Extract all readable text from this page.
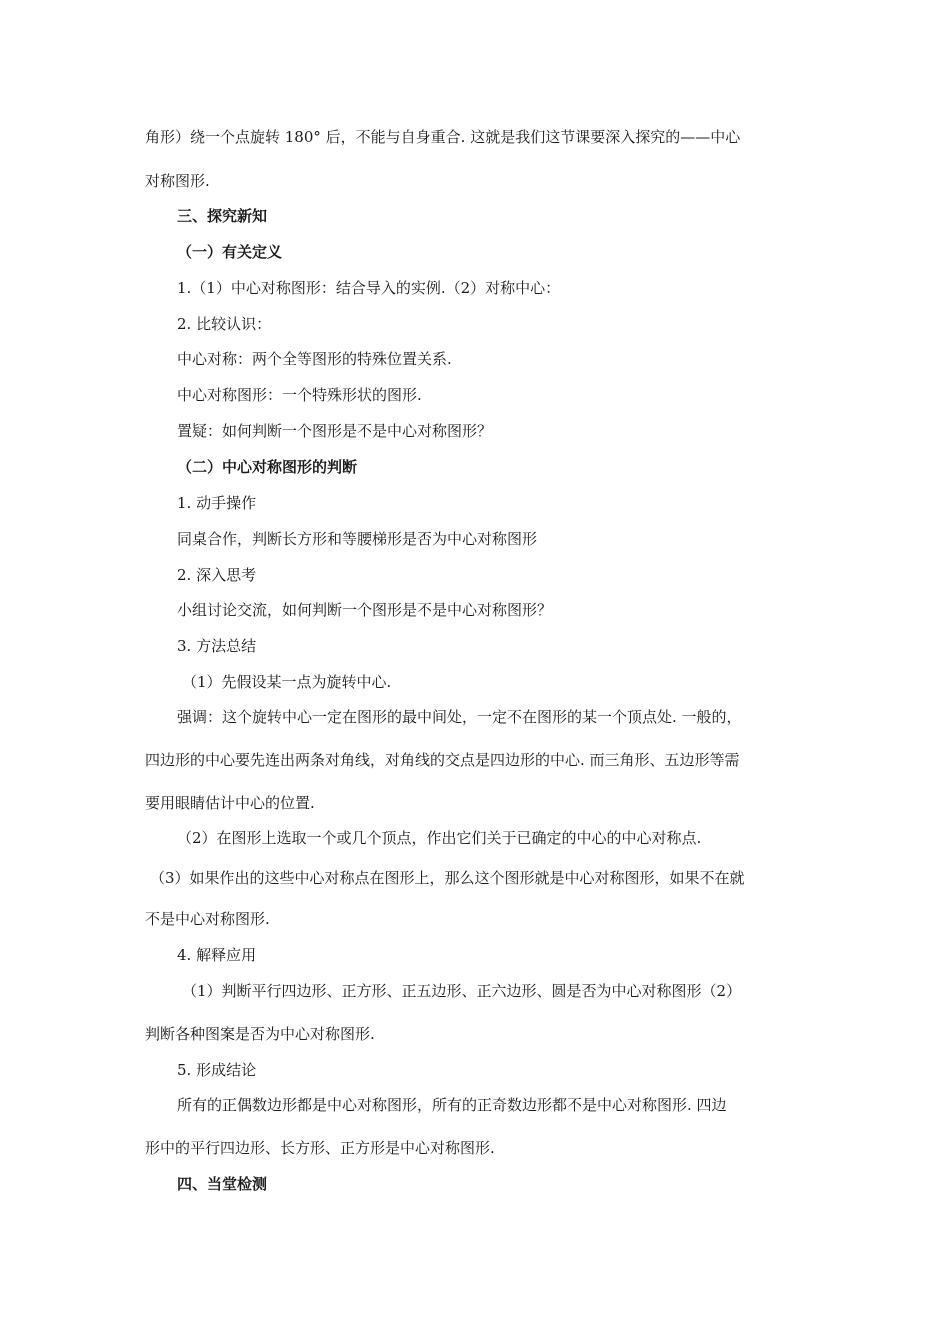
角形）绕一个点旋转 180° 后，不能与自身重合. 这就是我们这节课要深入探究的——中心
对称图形.
三、探究新知
（一）有关定义
1.（1）中心对称图形：结合导入的实例.（2）对称中心：
2. 比较认识：
中心对称：两个全等图形的特殊位置关系.
中心对称图形：一个特殊形状的图形.
置疑：如何判断一个图形是不是中心对称图形？
（二）中心对称图形的判断
1. 动手操作
同桌合作，判断长方形和等腰梯形是否为中心对称图形
2. 深入思考
小组讨论交流，如何判断一个图形是不是中心对称图形？
3. 方法总结
（1）先假设某一点为旋转中心.
强调：这个旋转中心一定在图形的最中间处，一定不在图形的某一个顶点处. 一般的，
四边形的中心要先连出两条对角线，对角线的交点是四边形的中心. 而三角形、五边形等需
要用眼睛估计中心的位置.
（2）在图形上选取一个或几个顶点，作出它们关于已确定的中心的中心对称点.
（3）如果作出的这些中心对称点在图形上，那么这个图形就是中心对称图形，如果不在就
不是中心对称图形.
4. 解释应用
（1）判断平行四边形、正方形、正五边形、正六边形、圆是否为中心对称图形（2）
判断各种图案是否为中心对称图形.
5. 形成结论
所有的正偶数边形都是中心对称图形，所有的正奇数边形都不是中心对称图形. 四边
形中的平行四边形、长方形、正方形是中心对称图形.
四、当堂检测
